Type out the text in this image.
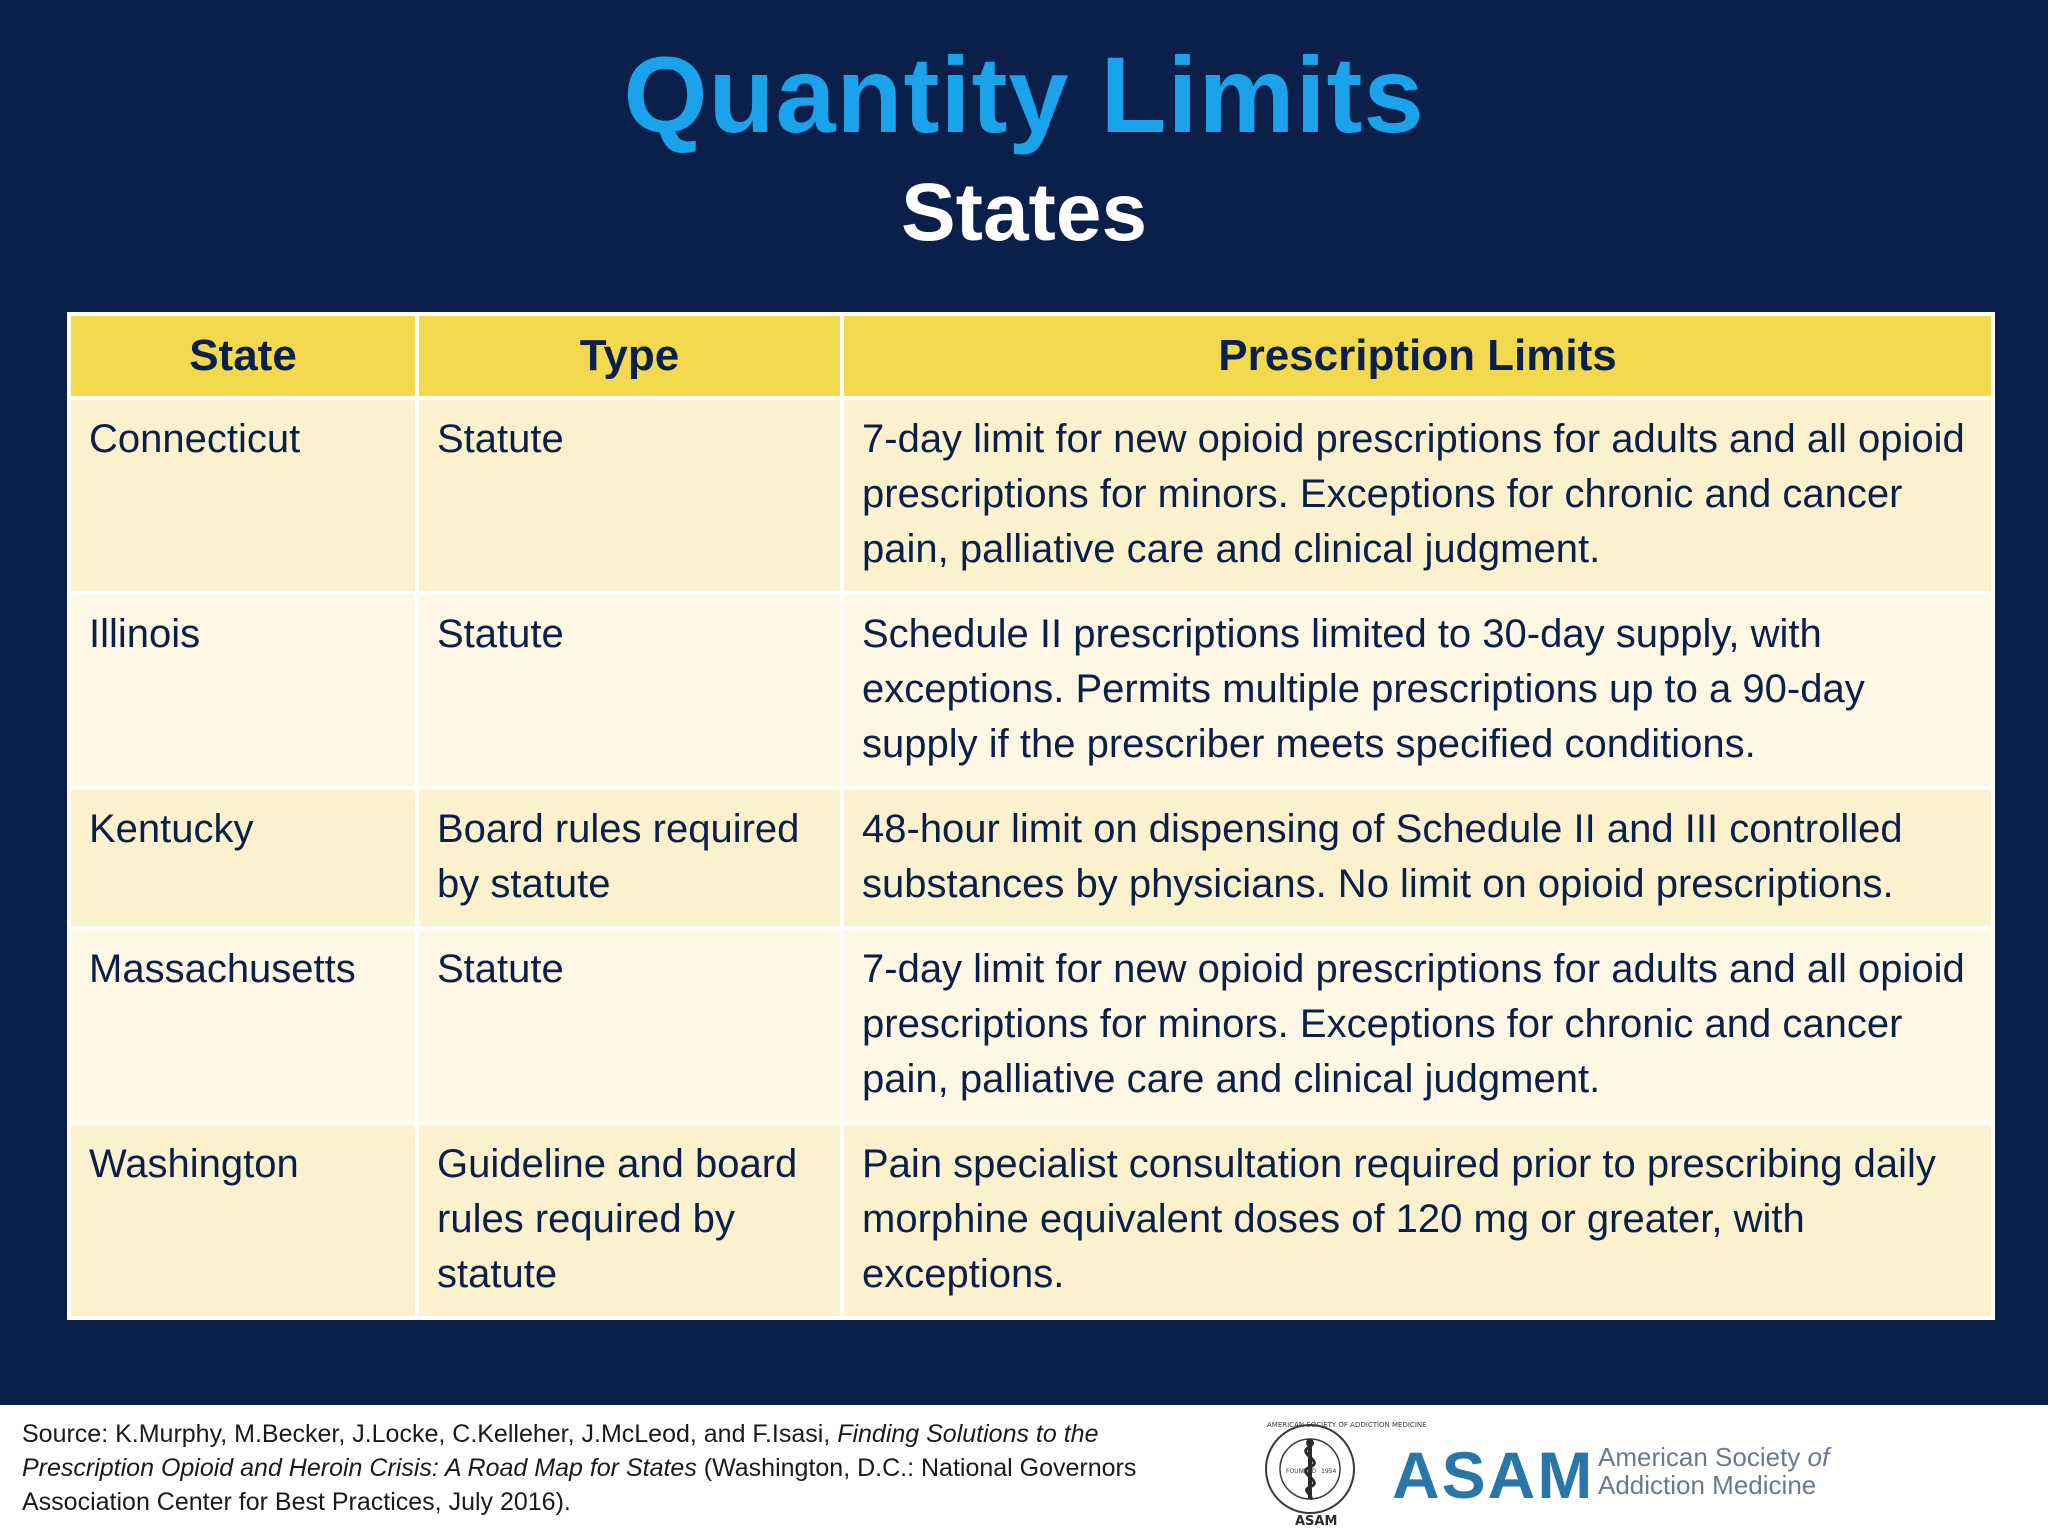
Quantity Limits
States
State	Type	Prescription Limits
Connecticut	Statute	7-day limit for new opioid prescriptions for adults and all opioid prescriptions for minors. Exceptions for chronic and cancer pain, palliative care and clinical judgment.
Illinois	Statute	Schedule II prescriptions limited to 30-day supply, with exceptions. Permits multiple prescriptions up to a 90-day supply if the prescriber meets specified conditions.
Kentucky	Board rules required by statute	48-hour limit on dispensing of Schedule II and III controlled substances by physicians. No limit on opioid prescriptions.
Massachusetts	Statute	7-day limit for new opioid prescriptions for adults and all opioid prescriptions for minors. Exceptions for chronic and cancer pain, palliative care and clinical judgment.
Washington	Guideline and board rules required by statute	Pain specialist consultation required prior to prescribing daily morphine equivalent doses of 120 mg or greater, with exceptions.
Source: K.Murphy, M.Becker, J.Locke, C.Kelleher, J.McLeod, and F.Isasi, Finding Solutions to the Prescription Opioid and Heroin Crisis: A Road Map for States (Washington, D.C.: National Governors Association Center for Best Practices, July 2016).
FOUNDED 1954
AMERICAN SOCIETY OF ADDICTION MEDICINE
ASAM
ASAM American Society of
Addiction Medicine
